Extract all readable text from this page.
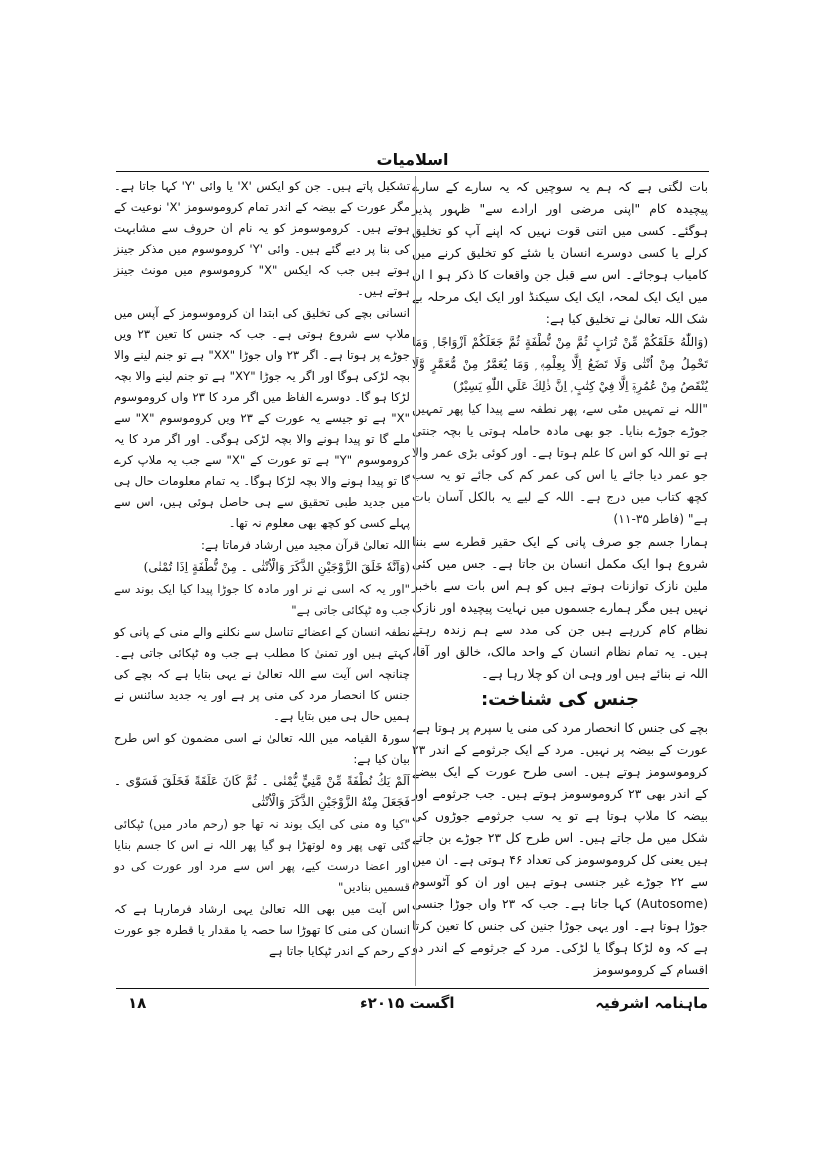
اسلامیات

بات لگتی ہے کہ ہم یہ سوچیں کہ یہ سارے کے سارے پیچیدہ کام "اپنی مرضی اور ارادے سے" ظہور پذیر ہوگئے۔ کسی میں اتنی قوت نہیں کہ اپنے آپ کو تخلیق کرلے یا کسی دوسرے انسان یا شئے کو تخلیق کرنے میں کامیاب ہوجائے۔ اس سے قبل جن واقعات کا ذکر ہو ا ان میں ایک ایک لمحہ، ایک ایک سیکنڈ اور ایک ایک مرحلہ بے شک اللہ تعالیٰ نے تخلیق کیا ہے:

(وَاللّٰهُ خَلَقَكُمْ مِّنْ تُرَابٍ ثُمَّ مِنْ نُّطْفَةٍ ثُمَّ جَعَلَكُمْ اَزْوَاجًا ۭ وَمَا تَحْمِلُ مِنْ اُنْثٰى وَلَا تَضَعُ اِلَّا بِعِلْمِهٖ ۭ وَمَا يُعَمَّرُ مِنْ مُّعَمَّرٍ وَّلَا يُنْقَصُ مِنْ عُمُرِهٖٓ اِلَّا فِيْ كِتٰبٍ ۭ اِنَّ ذٰلِكَ عَلَي اللّٰهِ يَسِيْرٌ)

"اللہ نے تمہیں مٹی سے، پھر نطفہ سے پیدا کیا پھر تمہیں جوڑے جوڑے بنایا۔ جو بھی مادہ حاملہ ہوتی یا بچہ جنتی ہے تو اللہ کو اس کا علم ہوتا ہے۔ اور کوئی بڑی عمر والا جو عمر دیا جائے یا اس کی عمر کم کی جائے تو یہ سب کچھ کتاب میں درج ہے۔ اللہ کے لیے یہ بالکل آسان بات ہے" (فاطر ۳۵-۱۱)

ہمارا جسم جو صرف پانی کے ایک حقیر قطرے سے بننا شروع ہوا ایک مکمل انسان بن جاتا ہے۔ جس میں کئی ملین نازک توازنات ہوتے ہیں کو ہم اس بات سے باخبر نہیں ہیں مگر ہمارے جسموں میں نہایت پیچیدہ اور نازک نظام کام کررہے ہیں جن کی مدد سے ہم زندہ رہتے ہیں۔ یہ تمام نظام انسان کے واحد مالک، خالق اور آقا، اللہ نے بنائے ہیں اور وہی ان کو چلا رہا ہے۔

جنس کی شناخت:

بچے کی جنس کا انحصار مرد کی منی یا سپرم پر ہوتا ہے، عورت کے بیضہ پر نہیں۔ مرد کے ایک جرثومے کے اندر ۲۳ کروموسومز ہوتے ہیں۔ اسی طرح عورت کے ایک بیضے کے اندر بھی ۲۳ کروموسومز ہوتے ہیں۔ جب جرثومے اور بیضہ کا ملاپ ہوتا ہے تو یہ سب جرثومے جوڑوں کی شکل میں مل جاتے ہیں۔ اس طرح کل ۲۳ جوڑے بن جاتے ہیں یعنی کل کروموسومز کی تعداد ۴۶ ہوتی ہے۔ ان میں سے ۲۲ جوڑے غیر جنسی ہوتے ہیں اور ان کو آٹوسوم (Autosome) کہا جاتا ہے۔ جب کہ ۲۳ واں جوڑا جنسی جوڑا ہوتا ہے۔ اور یہی جوڑا جنین کی جنس کا تعین کرتا ہے کہ وہ لڑکا ہوگا یا لڑکی۔ مرد کے جرثومے کے اندر دو اقسام کے کروموسومز

تشکیل پاتے ہیں۔ جن کو ایکس 'X' یا وائی 'Y' کہا جاتا ہے۔ مگر عورت کے بیضہ کے اندر تمام کروموسومز 'X' نوعیت کے ہوتے ہیں۔ کروموسومز کو یہ نام ان حروف سے مشابہت کی بنا پر دیے گئے ہیں۔ وائی 'Y' کروموسوم میں مذکر جینز ہوتے ہیں جب کہ ایکس "X" کروموسوم میں مونث جینز ہوتے ہیں۔

انسانی بچے کی تخلیق کی ابتدا ان کروموسومز کے آپس میں ملاپ سے شروع ہوتی ہے۔ جب کہ جنس کا تعین ۲۳ ویں جوڑے پر ہوتا ہے۔ اگر ۲۳ واں جوڑا "XX" ہے تو جنم لینے والا بچہ لڑکی ہوگا اور اگر یہ جوڑا "XY" ہے تو جنم لینے والا بچہ لڑکا ہو گا۔ دوسرے الفاظ میں اگر مرد کا ۲۳ واں کروموسوم "X" ہے تو جیسے یہ عورت کے ۲۳ ویں کروموسوم "X" سے ملے گا تو پیدا ہونے والا بچہ لڑکی ہوگی۔ اور اگر مرد کا یہ کروموسوم "Y" ہے تو عورت کے "X" سے جب یہ ملاپ کرے گا تو پیدا ہونے والا بچہ لڑکا ہوگا۔ یہ تمام معلومات حال ہی میں جدید طبی تحقیق سے ہی حاصل ہوئی ہیں، اس سے پہلے کسی کو کچھ بھی معلوم نہ تھا۔

اللہ تعالیٰ قرآن مجید میں ارشاد فرماتا ہے:

(وَاَنَّهٗ خَلَقَ الزَّوْجَيْنِ الذَّكَرَ وَالْاُنْثٰى ۔ مِنْ نُّطْفَةٍ اِذَا تُمْنٰى)

"اور یہ کہ اسی نے نر اور مادہ کا جوڑا پیدا کیا ایک بوند سے جب وہ ٹپکائی جاتی ہے"

نطفہ انسان کے اعضائے تناسل سے نکلنے والے منی کے پانی کو کہتے ہیں اور تمنیٰ کا مطلب ہے جب وہ ٹپکائی جاتی ہے۔ چنانچہ اس آیت سے اللہ تعالیٰ نے یہی بتایا ہے کہ بچے کی جنس کا انحصار مرد کی منی پر ہے اور یہ جدید سائنس نے ہمیں حال ہی میں بتایا ہے۔

سورۃ القیامہ میں اللہ تعالیٰ نے اسی مضمون کو اس طرح بیان کیا ہے:

اَلَمْ يَكُ نُطْفَةً مِّنْ مَّنِيٍّ يُّمْنٰى ۔ ثُمَّ كَانَ عَلَقَةً فَخَلَقَ فَسَوّٰى ۔ فَجَعَلَ مِنْهُ الزَّوْجَيْنِ الذَّكَرَ وَالْاُنْثٰى

"کیا وہ منی کی ایک بوند نہ تھا جو (رحم مادر میں) ٹپکائی گئی تھی پھر وہ لوتھڑا ہو گیا پھر اللہ نے اس کا جسم بنایا اور اعضا درست کیے، پھر اس سے مرد اور عورت کی دو قسمیں بنادیں"

اس آیت میں بھی اللہ تعالیٰ یہی ارشاد فرمارہا ہے کہ انسان کی منی کا تھوڑا سا حصہ یا مقدار یا قطرہ جو عورت کے رحم کے اندر ٹپکایا جاتا ہے

ماہنامہ اشرفیہ
اگست ۲۰۱۵ء
۱۸
